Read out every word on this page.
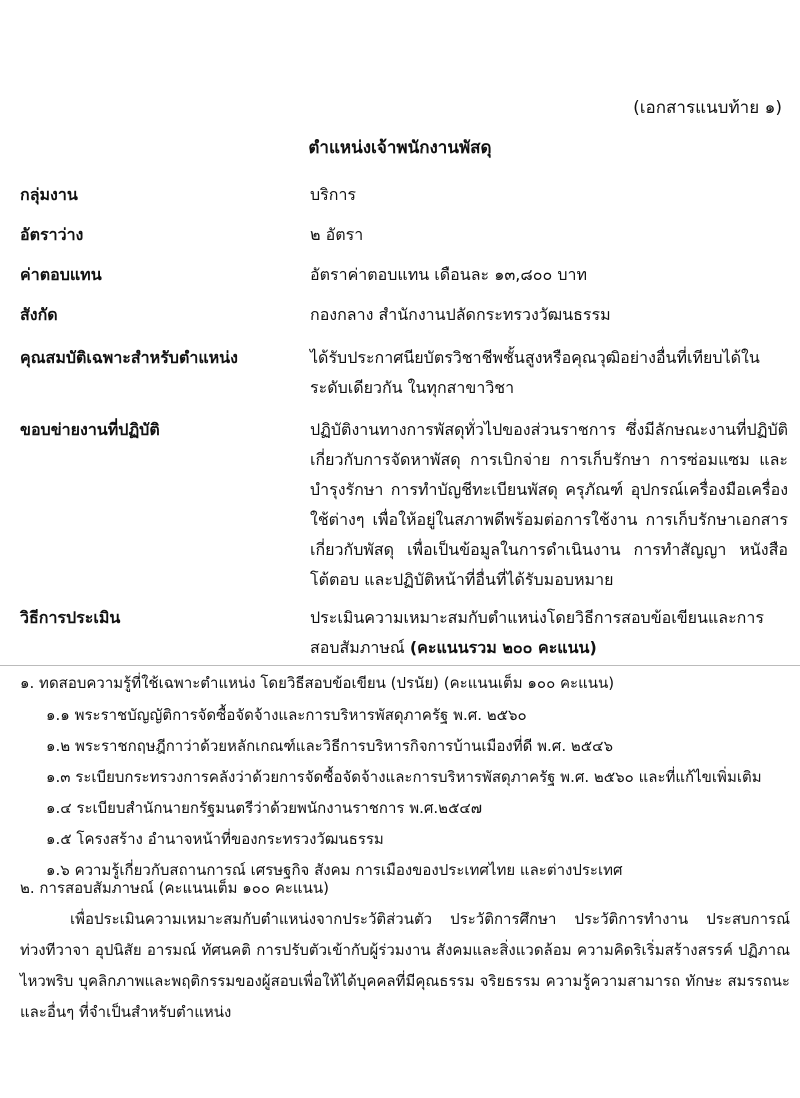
(เอกสารแนบท้าย ๑)
ตำแหน่งเจ้าพนักงานพัสดุ
กลุ่มงาน	บริการ
อัตราว่าง	๒ อัตรา
ค่าตอบแทน	อัตราค่าตอบแทน เดือนละ ๑๓,๘๐๐ บาท
สังกัด	กองกลาง สำนักงานปลัดกระทรวงวัฒนธรรม
คุณสมบัติเฉพาะสำหรับตำแหน่ง	ได้รับประกาศนียบัตรวิชาชีพชั้นสูงหรือคุณวุฒิอย่างอื่นที่เทียบได้ในระดับเดียวกัน ในทุกสาขาวิชา
ขอบข่ายงานที่ปฏิบัติ	ปฏิบัติงานทางการพัสดุทั่วไปของส่วนราชการ ซึ่งมีลักษณะงานที่ปฏิบัติเกี่ยวกับการจัดหาพัสดุ การเบิกจ่าย การเก็บรักษา การซ่อมแซม และบำรุงรักษา การทำบัญชีทะเบียนพัสดุ ครุภัณฑ์ อุปกรณ์เครื่องมือเครื่องใช้ต่างๆ เพื่อให้อยู่ในสภาพดีพร้อมต่อการใช้งาน การเก็บรักษาเอกสารเกี่ยวกับพัสดุ เพื่อเป็นข้อมูลในการดำเนินงาน การทำสัญญา หนังสือโต้ตอบ และปฏิบัติหน้าที่อื่นที่ได้รับมอบหมาย
วิธีการประเมิน	ประเมินความเหมาะสมกับตำแหน่งโดยวิธีการสอบข้อเขียนและการสอบสัมภาษณ์ (คะแนนรวม ๒๐๐ คะแนน)
๑. ทดสอบความรู้ที่ใช้เฉพาะตำแหน่ง โดยวิธีสอบข้อเขียน (ปรนัย) (คะแนนเต็ม ๑๐๐ คะแนน)
๑.๑ พระราชบัญญัติการจัดซื้อจัดจ้างและการบริหารพัสดุภาครัฐ พ.ศ. ๒๕๖๐
๑.๒ พระราชกฤษฎีกาว่าด้วยหลักเกณฑ์และวิธีการบริหารกิจการบ้านเมืองที่ดี พ.ศ. ๒๕๔๖
๑.๓ ระเบียบกระทรวงการคลังว่าด้วยการจัดซื้อจัดจ้างและการบริหารพัสดุภาครัฐ พ.ศ. ๒๕๖๐ และที่แก้ไขเพิ่มเติม
๑.๔ ระเบียบสำนักนายกรัฐมนตรีว่าด้วยพนักงานราชการ พ.ศ.๒๕๔๗
๑.๕ โครงสร้าง อำนาจหน้าที่ของกระทรวงวัฒนธรรม
๑.๖ ความรู้เกี่ยวกับสถานการณ์ เศรษฐกิจ สังคม การเมืองของประเทศไทย และต่างประเทศ
๒. การสอบสัมภาษณ์ (คะแนนเต็ม ๑๐๐ คะแนน)
เพื่อประเมินความเหมาะสมกับตำแหน่งจากประวัติส่วนตัว ประวัติการศึกษา ประวัติการทำงาน ประสบการณ์ ท่วงทีวาจา อุปนิสัย อารมณ์ ทัศนคติ การปรับตัวเข้ากับผู้ร่วมงาน สังคมและสิ่งแวดล้อม ความคิดริเริ่มสร้างสรรค์ ปฏิภาณไหวพริบ บุคลิกภาพและพฤติกรรมของผู้สอบเพื่อให้ได้บุคคลที่มีคุณธรรม จริยธรรม ความรู้ความสามารถ ทักษะ สมรรถนะ และอื่นๆ ที่จำเป็นสำหรับตำแหน่ง
